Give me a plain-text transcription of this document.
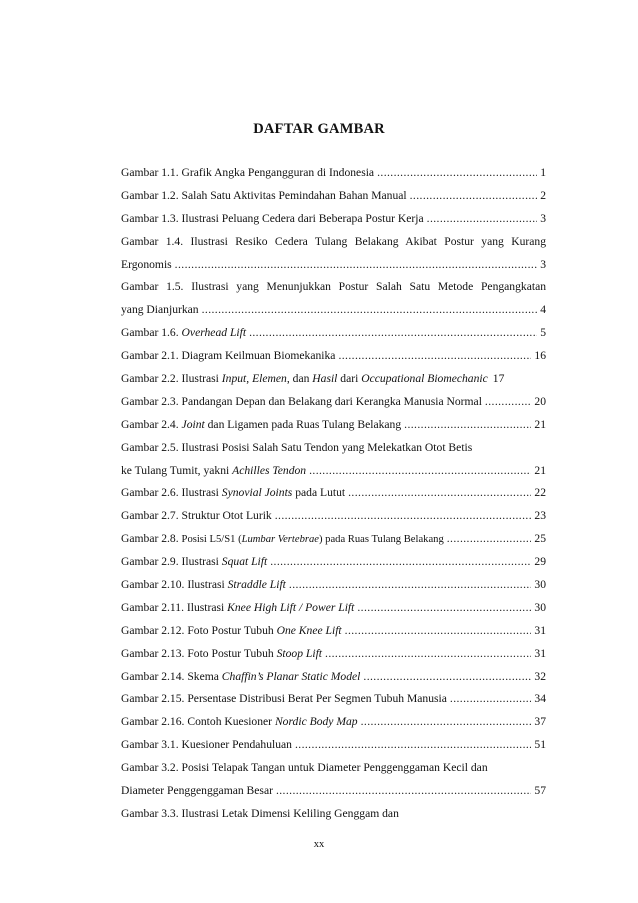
DAFTAR GAMBAR
Gambar 1.1. Grafik Angka Pengangguran di Indonesia .....	1
Gambar 1.2. Salah Satu Aktivitas Pemindahan Bahan Manual .....	2
Gambar 1.3. Ilustrasi Peluang Cedera dari Beberapa Postur Kerja .....	3
Gambar 1.4. Ilustrasi Resiko Cedera Tulang Belakang Akibat Postur yang Kurang
Ergonomis .....	3
Gambar 1.5. Ilustrasi yang Menunjukkan Postur Salah Satu Metode Pengangkatan
yang Dianjurkan .....	4
Gambar 1.6. Overhead Lift .....	5
Gambar 2.1. Diagram Keilmuan Biomekanika .....	16
Gambar 2.2. Ilustrasi Input, Elemen, dan Hasil dari Occupational Biomechanic 17
Gambar 2.3. Pandangan Depan dan Belakang dari Kerangka Manusia Normal .....	20
Gambar 2.4. Joint dan Ligamen pada Ruas Tulang Belakang .....	21
Gambar 2.5. Ilustrasi Posisi Salah Satu Tendon yang Melekatkan Otot Betis
ke Tulang Tumit, yakni Achilles Tendon .....	21
Gambar 2.6. Ilustrasi Synovial Joints pada Lutut .....	22
Gambar 2.7. Struktur Otot Lurik .....	23
Gambar 2.8. Posisi L5/S1 (Lumbar Vertebrae) pada Ruas Tulang Belakang .....	25
Gambar 2.9. Ilustrasi Squat Lift .....	29
Gambar 2.10. Ilustrasi Straddle Lift .....	30
Gambar 2.11. Ilustrasi Knee High Lift / Power Lift .....	30
Gambar 2.12. Foto Postur Tubuh One Knee Lift .....	31
Gambar 2.13. Foto Postur Tubuh Stoop Lift .....	31
Gambar 2.14. Skema Chaffin’s Planar Static Model .....	32
Gambar 2.15. Persentase Distribusi Berat Per Segmen Tubuh Manusia .....	34
Gambar 2.16. Contoh Kuesioner Nordic Body Map .....	37
Gambar 3.1. Kuesioner Pendahuluan .....	51
Gambar 3.2. Posisi Telapak Tangan untuk Diameter Penggenggaman Kecil dan
Diameter Penggenggaman Besar .....	57
Gambar 3.3. Ilustrasi Letak Dimensi Keliling Genggam dan
xx
